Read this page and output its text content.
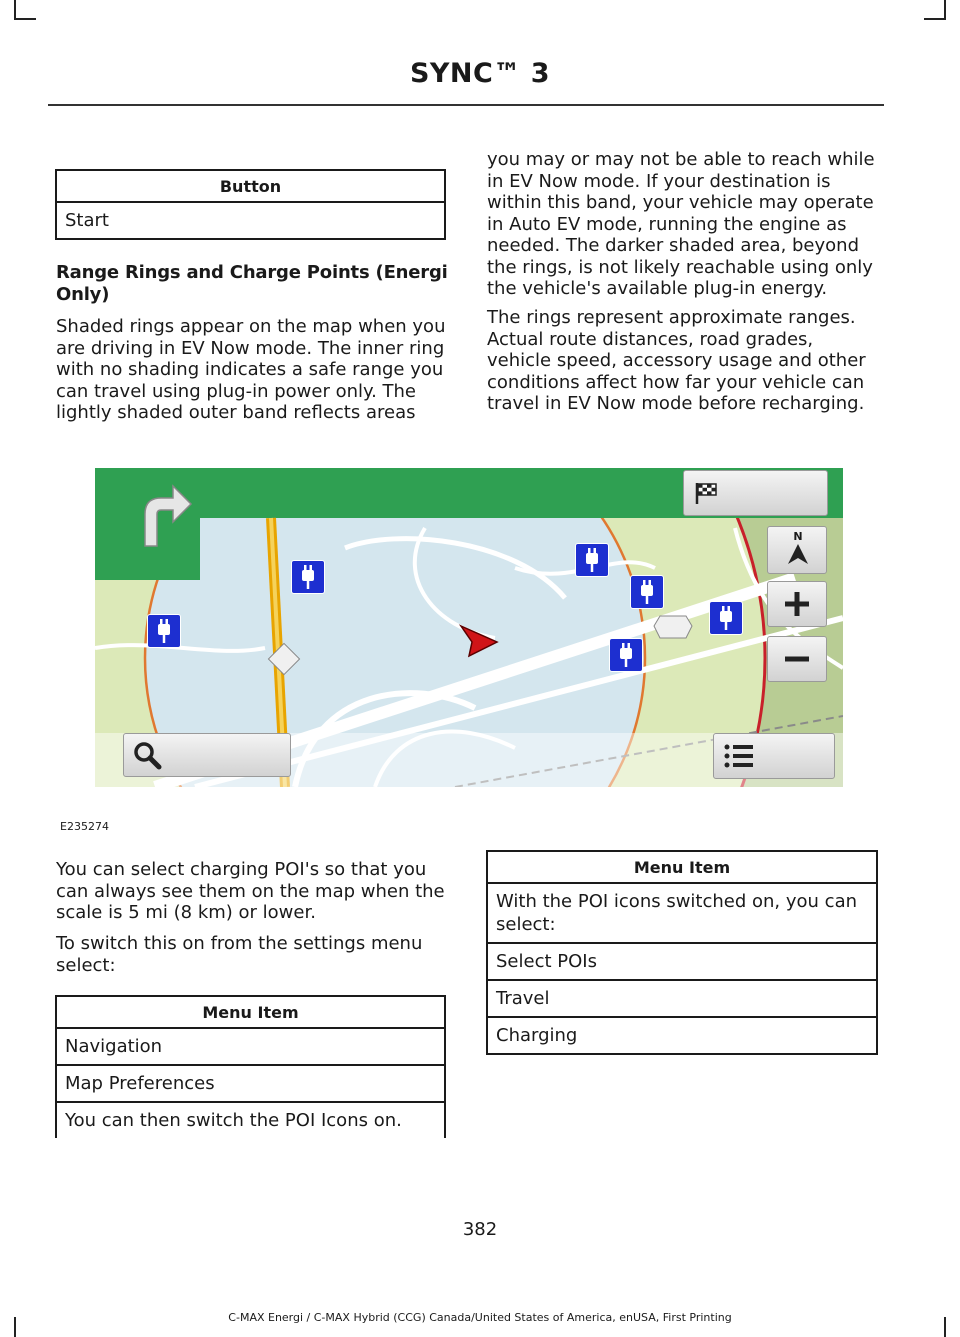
SYNC™ 3
Button
Start

Range Rings and Charge Points (Energi Only)

Shaded rings appear on the map when you are driving in EV Now mode. The inner ring with no shading indicates a safe range you can travel using plug-in power only. The lightly shaded outer band reflects areas

you may or may not be able to reach while in EV Now mode. If your destination is within this band, your vehicle may operate in Auto EV mode, running the engine as needed. The darker shaded area, beyond the rings, is not likely reachable using only the vehicle's available plug-in energy.

The rings represent approximate ranges. Actual route distances, road grades, vehicle speed, accessory usage and other conditions affect how far your vehicle can travel in EV Now mode before recharging.

N
E235274

You can select charging POI's so that you can always see them on the map when the scale is 5 mi (8 km) or lower.

To switch this on from the settings menu select:

Menu Item
Navigation
Map Preferences
You can then switch the POI Icons on.
Menu Item
With the POI icons switched on, you can select:
Select POIs
Travel
Charging
382
C-MAX Energi / C-MAX Hybrid (CCG) Canada/United States of America, enUSA, First Printing
